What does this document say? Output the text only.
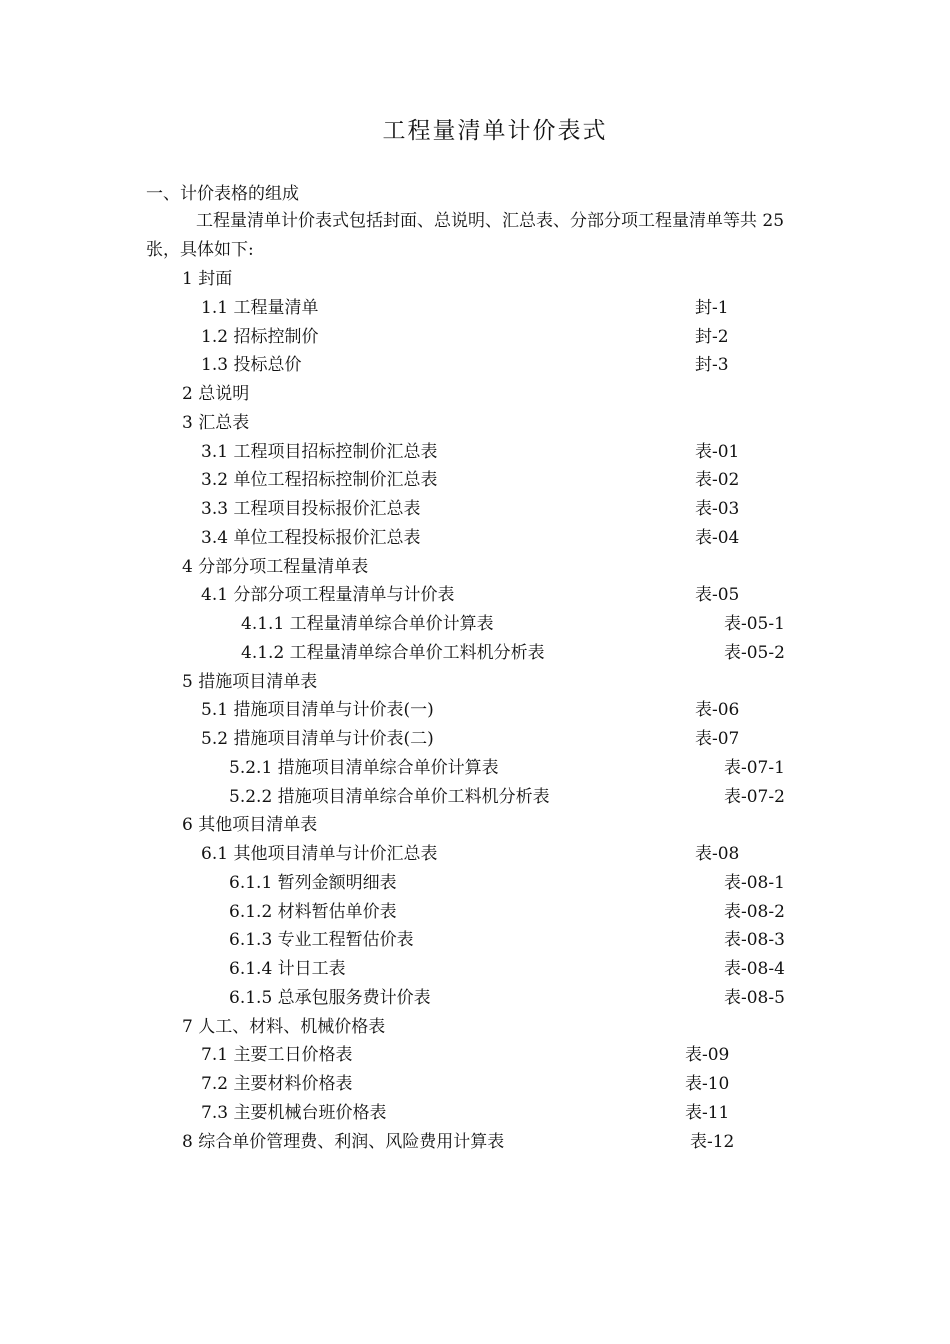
工程量清单计价表式
一、计价表格的组成
工程量清单计价表式包括封面、总说明、汇总表、分部分项工程量清单等共 25
张，具体如下:
1 封面
1.1 工程量清单	封-1
1.2 招标控制价	封-2
1.3 投标总价	封-3
2 总说明
3 汇总表
3.1 工程项目招标控制价汇总表	表-01
3.2 单位工程招标控制价汇总表	表-02
3.3 工程项目投标报价汇总表	表-03
3.4 单位工程投标报价汇总表	表-04
4 分部分项工程量清单表
4.1 分部分项工程量清单与计价表	表-05
4.1.1 工程量清单综合单价计算表	表-05-1
4.1.2 工程量清单综合单价工料机分析表	表-05-2
5 措施项目清单表
5.1 措施项目清单与计价表(一)	表-06
5.2 措施项目清单与计价表(二)	表-07
5.2.1 措施项目清单综合单价计算表	表-07-1
5.2.2 措施项目清单综合单价工料机分析表	表-07-2
6 其他项目清单表
6.1 其他项目清单与计价汇总表	表-08
6.1.1 暂列金额明细表	表-08-1
6.1.2 材料暂估单价表	表-08-2
6.1.3 专业工程暂估价表	表-08-3
6.1.4 计日工表	表-08-4
6.1.5 总承包服务费计价表	表-08-5
7 人工、材料、机械价格表
7.1 主要工日价格表	表-09
7.2 主要材料价格表	表-10
7.3 主要机械台班价格表	表-11
8 综合单价管理费、利润、风险费用计算表	表-12
